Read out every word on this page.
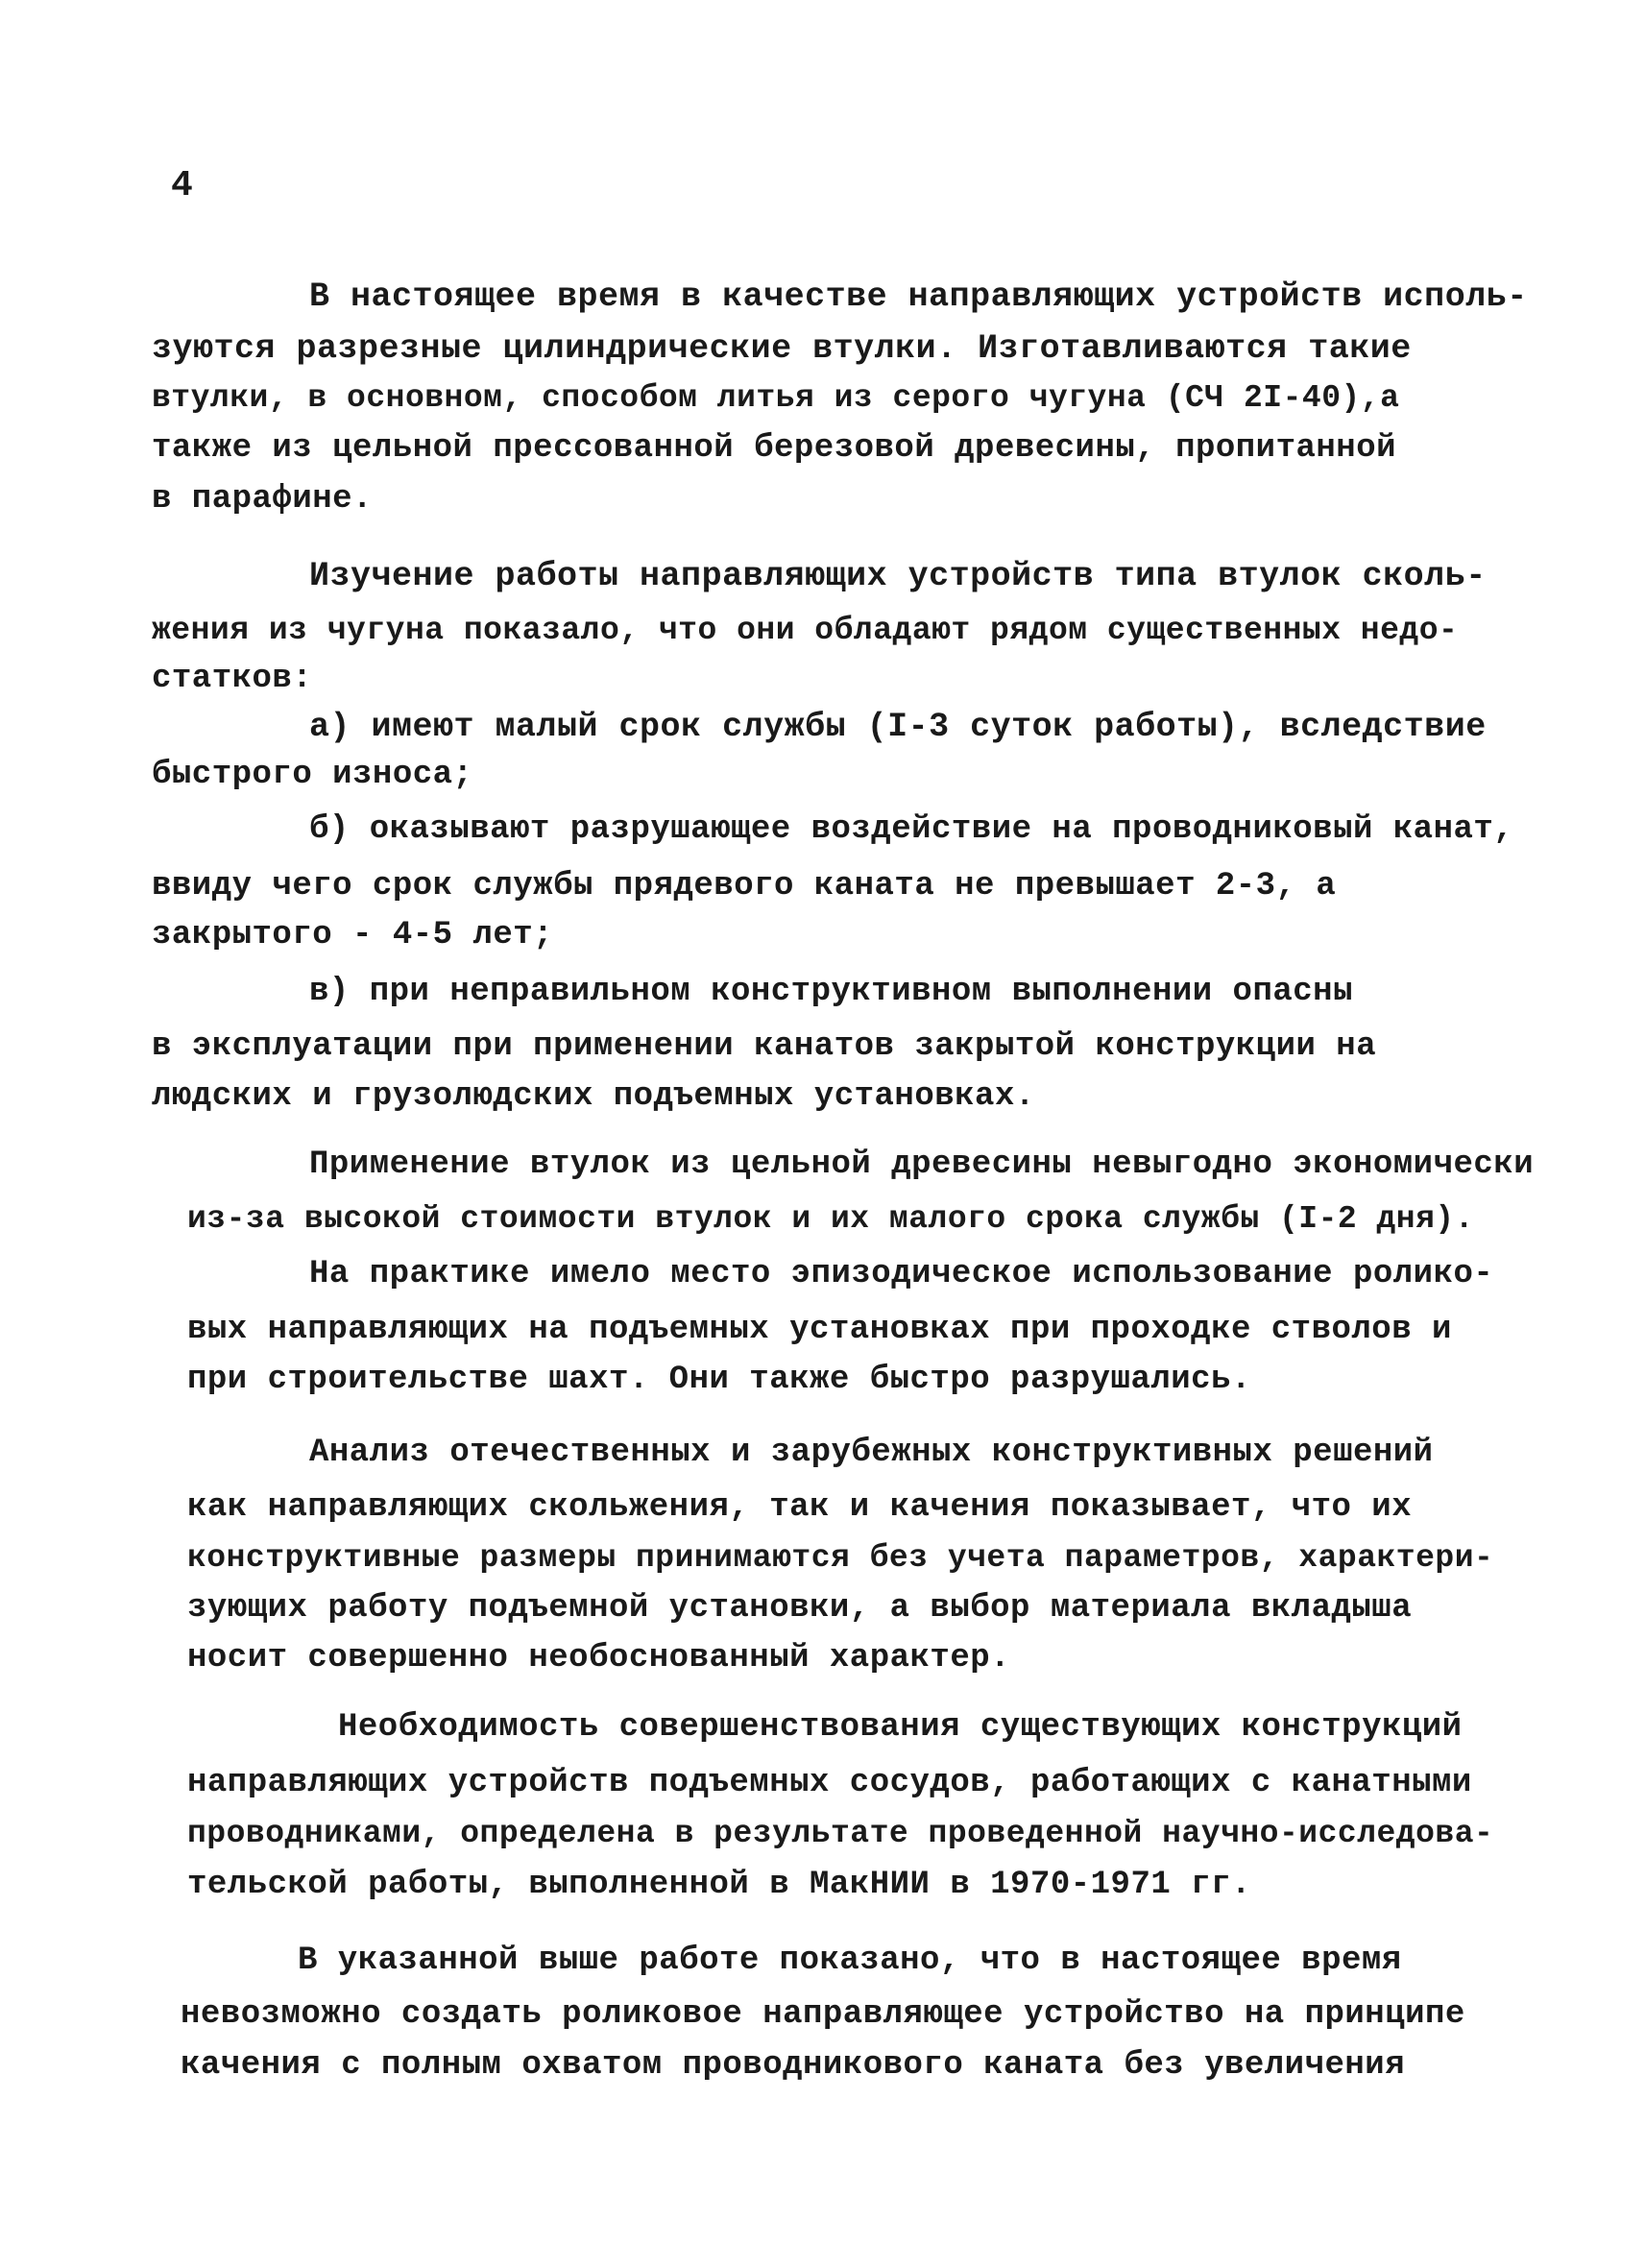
4
В настоящее время в качестве направляющих устройств исполь-
зуются разрезные цилиндрические втулки. Изготавливаются такие
втулки, в основном, способом литья из серого чугуна (СЧ 2I-40),а
также из цельной прессованной березовой древесины, пропитанной
в парафине.
Изучение работы направляющих устройств типа втулок сколь-
жения из чугуна показало, что они обладают рядом существенных недо-
статков:
а) имеют малый срок службы (I-3 суток работы), вследствие
быстрого износа;
б) оказывают разрушающее воздействие на проводниковый канат,
ввиду чего срок службы прядевого каната не превышает 2-3, а
закрытого - 4-5 лет;
в) при неправильном конструктивном выполнении опасны
в эксплуатации при применении канатов закрытой конструкции на
людских и грузолюдских подъемных установках.
Применение втулок из цельной древесины невыгодно экономически
из-за высокой стоимости втулок и их малого срока службы (I-2 дня).
На практике имело место эпизодическое использование ролико-
вых направляющих на подъемных установках при проходке стволов и
при строительстве шахт. Они также быстро разрушались.
Анализ отечественных и зарубежных конструктивных решений
как направляющих скольжения, так и качения показывает, что их
конструктивные размеры принимаются без учета параметров, характери-
зующих работу подъемной установки, а выбор материала вкладыша
носит совершенно необоснованный характер.
Необходимость совершенствования существующих конструкций
направляющих устройств подъемных сосудов, работающих с канатными
проводниками, определена в результате проведенной научно-исследова-
тельской работы, выполненной в МакНИИ в 1970-1971 гг.
В указанной выше работе показано, что в настоящее время
невозможно создать роликовое направляющее устройство на принципе
качения с полным охватом проводникового каната без увеличения
